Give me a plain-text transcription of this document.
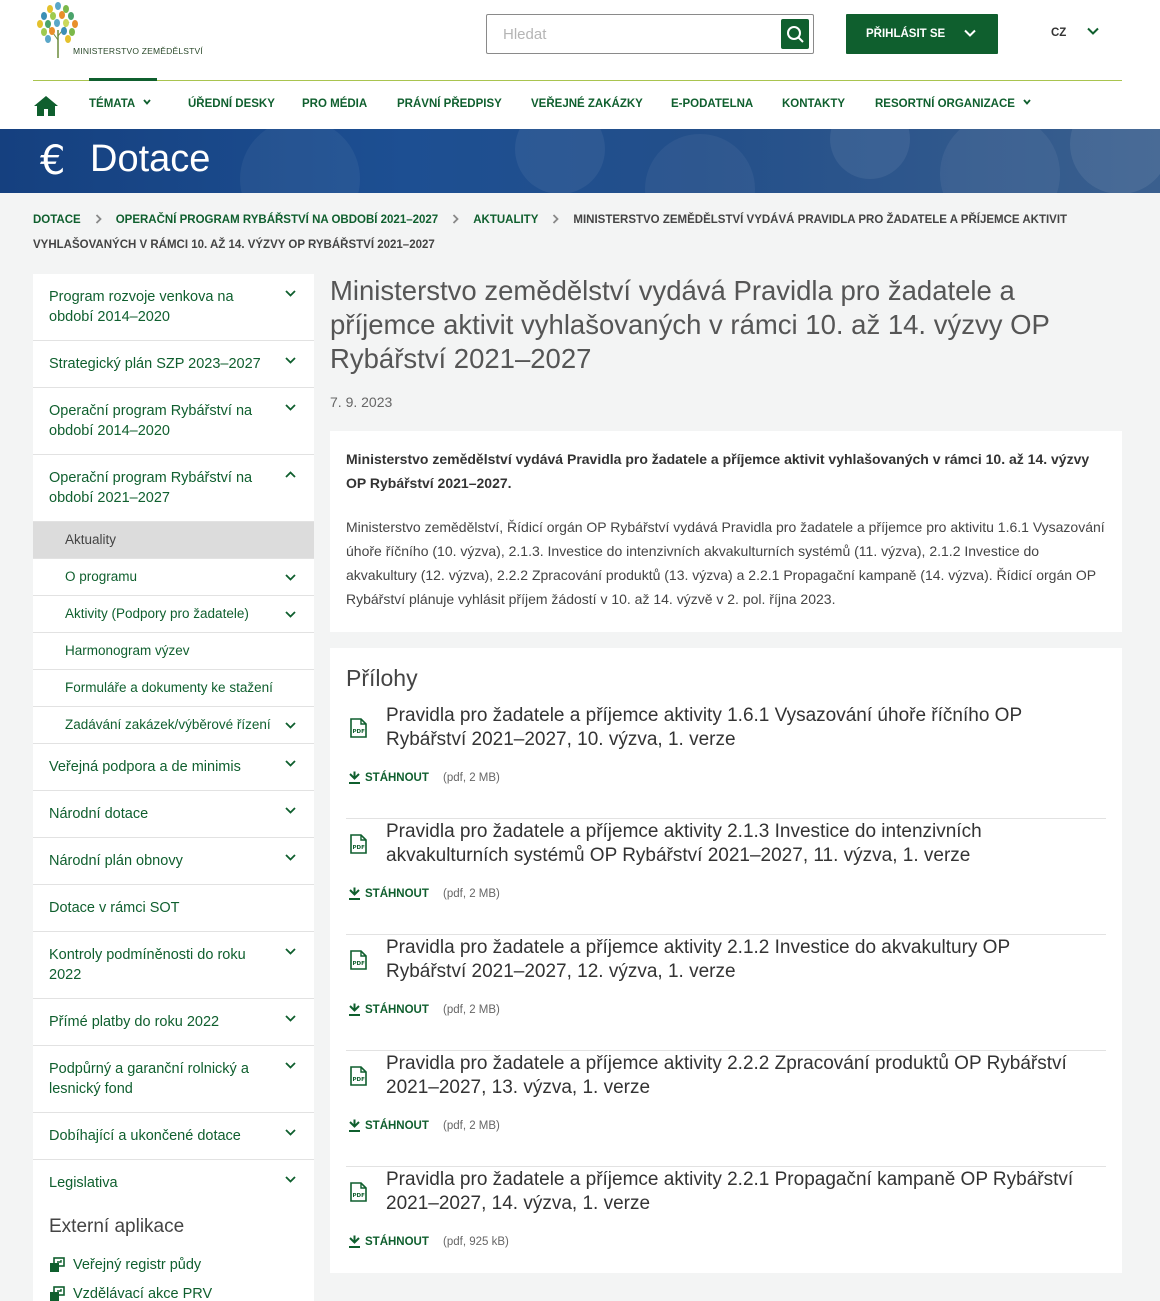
MINISTERSTVO ZEMĚDĚLSTVÍ
Hledat
PŘIHLÁSIT SE	CZ
TÉMATA	ÚŘEDNÍ DESKY PRO MÉDIA	PRÁVNÍ PŘEDPISY	VEŘEJNÉ ZAKÁZKY E-PODATELNA	KONTAKTY	RESORTNÍ ORGANIZACE
€ Dotace
DOTACE	OPERAČNÍ PROGRAM RYBÁŘSTVÍ NA OBDOBÍ 2021–2027	AKTUALITY	MINISTERSTVO ZEMĚDĚLSTVÍ VYDÁVÁ PRAVIDLA PRO ŽADATELE A PŘÍJEMCE AKTIVIT VYHLAŠOVANÝCH V RÁMCI 10. AŽ 14. VÝZVY OP RYBÁŘSTVÍ 2021–2027
Program rozvoje venkova na období 2014–2020
Strategický plán SZP 2023–2027
Operační program Rybářství na období 2014–2020
Operační program Rybářství na období 2021–2027
Aktuality
O programu
Aktivity (Podpory pro žadatele)
Harmonogram výzev
Formuláře a dokumenty ke stažení
Zadávání zakázek/výběrové řízení
Veřejná podpora a de minimis
Národní dotace
Národní plán obnovy
Dotace v rámci SOT
Kontroly podmíněnosti do roku 2022
Přímé platby do roku 2022
Podpůrný a garanční rolnický a lesnický fond
Dobíhající a ukončené dotace
Legislativa
Externí aplikace
Veřejný registr půdy
Vzdělávací akce PRV
Ministerstvo zemědělství vydává Pravidla pro žadatele a příjemce aktivit vyhlašovaných v rámci 10. až 14. výzvy OP Rybářství 2021–2027
7. 9. 2023

Ministerstvo zemědělství vydává Pravidla pro žadatele a příjemce aktivit vyhlašovaných v rámci 10. až 14. výzvy OP Rybářství 2021–2027.

Ministerstvo zemědělství, Řídicí orgán OP Rybářství vydává Pravidla pro žadatele a příjemce pro aktivitu 1.6.1 Vysazování úhoře říčního (10. výzva), 2.1.3. Investice do intenzivních akvakulturních systémů (11. výzva), 2.1.2 Investice do akvakultury (12. výzva), 2.2.2 Zpracování produktů (13. výzva) a 2.2.1 Propagační kampaně (14. výzva). Řídicí orgán OP Rybářství plánuje vyhlásit příjem žádostí v 10. až 14. výzvě v 2. pol. října 2023.

Přílohy
PDF
Pravidla pro žadatele a příjemce aktivity 1.6.1 Vysazování úhoře říčního OP Rybářství 2021–2027, 10. výzva, 1. verze
STÁHNOUT (pdf, 2 MB)
PDF
Pravidla pro žadatele a příjemce aktivity 2.1.3 Investice do intenzivních akvakulturních systémů OP Rybářství 2021–2027, 11. výzva, 1. verze
STÁHNOUT (pdf, 2 MB)
PDF
Pravidla pro žadatele a příjemce aktivity 2.1.2 Investice do akvakultury OP Rybářství 2021–2027, 12. výzva, 1. verze
STÁHNOUT (pdf, 2 MB)
PDF
Pravidla pro žadatele a příjemce aktivity 2.2.2 Zpracování produktů OP Rybářství 2021–2027, 13. výzva, 1. verze
STÁHNOUT (pdf, 2 MB)
PDF
Pravidla pro žadatele a příjemce aktivity 2.2.1 Propagační kampaně OP Rybářství 2021–2027, 14. výzva, 1. verze
STÁHNOUT (pdf, 925 kB)
